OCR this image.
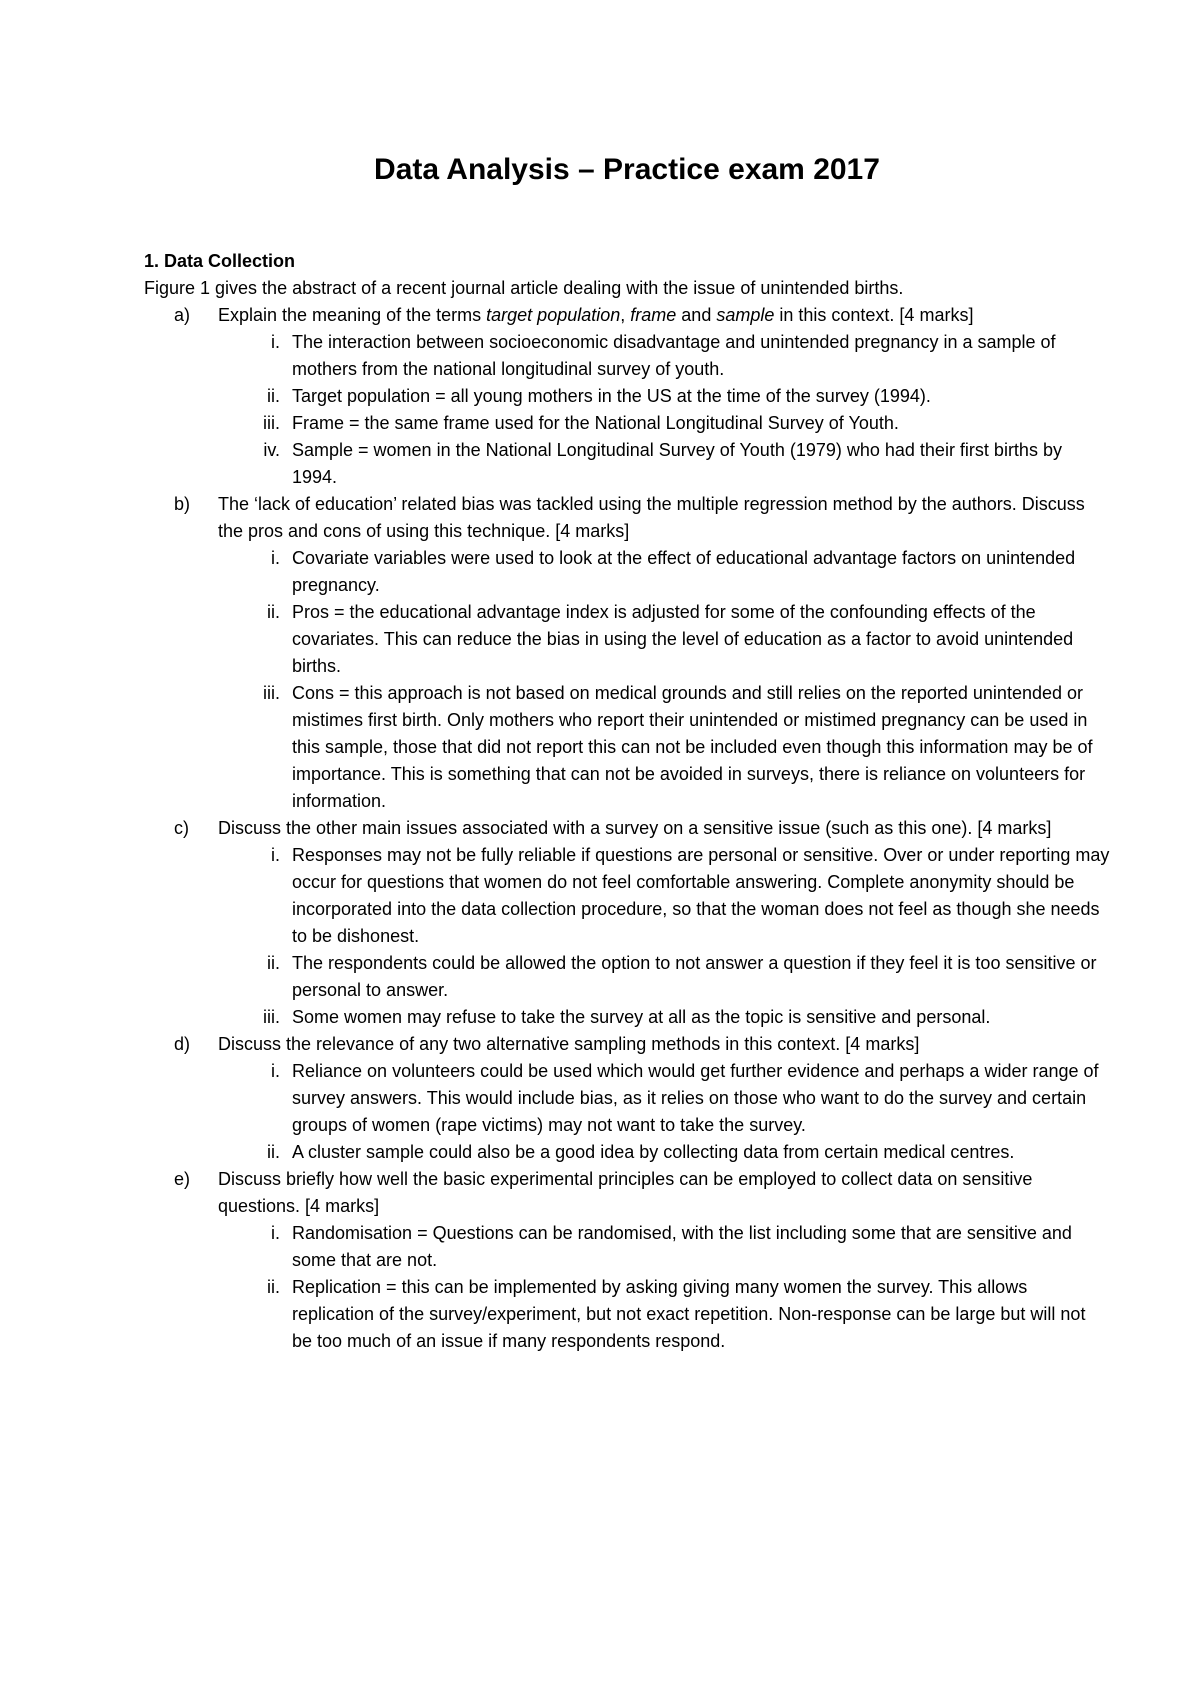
Data Analysis – Practice exam 2017
1. Data Collection
Figure 1 gives the abstract of a recent journal article dealing with the issue of unintended births.
a) Explain the meaning of the terms target population, frame and sample in this context. [4 marks]
i. The interaction between socioeconomic disadvantage and unintended pregnancy in a sample of mothers from the national longitudinal survey of youth.
ii. Target population = all young mothers in the US at the time of the survey (1994).
iii. Frame = the same frame used for the National Longitudinal Survey of Youth.
iv. Sample = women in the National Longitudinal Survey of Youth (1979) who had their first births by 1994.
b) The ‘lack of education’ related bias was tackled using the multiple regression method by the authors. Discuss the pros and cons of using this technique. [4 marks]
i. Covariate variables were used to look at the effect of educational advantage factors on unintended pregnancy.
ii. Pros = the educational advantage index is adjusted for some of the confounding effects of the covariates. This can reduce the bias in using the level of education as a factor to avoid unintended births.
iii. Cons = this approach is not based on medical grounds and still relies on the reported unintended or mistimes first birth. Only mothers who report their unintended or mistimed pregnancy can be used in this sample, those that did not report this can not be included even though this information may be of importance. This is something that can not be avoided in surveys, there is reliance on volunteers for information.
c) Discuss the other main issues associated with a survey on a sensitive issue (such as this one). [4 marks]
i. Responses may not be fully reliable if questions are personal or sensitive. Over or under reporting may occur for questions that women do not feel comfortable answering. Complete anonymity should be incorporated into the data collection procedure, so that the woman does not feel as though she needs to be dishonest.
ii. The respondents could be allowed the option to not answer a question if they feel it is too sensitive or personal to answer.
iii. Some women may refuse to take the survey at all as the topic is sensitive and personal.
d) Discuss the relevance of any two alternative sampling methods in this context. [4 marks]
i. Reliance on volunteers could be used which would get further evidence and perhaps a wider range of survey answers. This would include bias, as it relies on those who want to do the survey and certain groups of women (rape victims) may not want to take the survey.
ii. A cluster sample could also be a good idea by collecting data from certain medical centres.
e) Discuss briefly how well the basic experimental principles can be employed to collect data on sensitive questions. [4 marks]
i. Randomisation = Questions can be randomised, with the list including some that are sensitive and some that are not.
ii. Replication = this can be implemented by asking giving many women the survey. This allows replication of the survey/experiment, but not exact repetition. Non-response can be large but will not be too much of an issue if many respondents respond.
